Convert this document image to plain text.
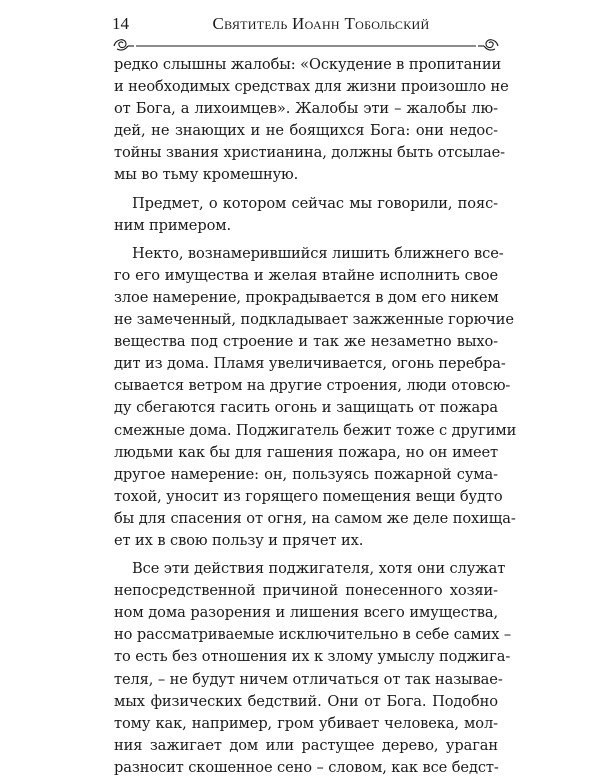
14	Святитель Иоанн Тобольский

редко слышны жалобы: «Оскудение в пропитании
и необходимых средствах для жизни произошло не
от Бога, а лихоимцев». Жалобы эти – жалобы лю-
дей, не знающих и не боящихся Бога: они недос-
тойны звания христианина, должны быть отсылае-
мы во тьму кромешную.

Предмет, о котором сейчас мы говорили, пояс-
ним примером.

Некто, вознамерившийся лишить ближнего все-
го его имущества и желая втайне исполнить свое
злое намерение, прокрадывается в дом его никем
не замеченный, подкладывает зажженные горючие
вещества под строение и так же незаметно выхо-
дит из дома. Пламя увеличивается, огонь перебра-
сывается ветром на другие строения, люди отовсю-
ду сбегаются гасить огонь и защищать от пожара
смежные дома. Поджигатель бежит тоже с другими
людьми как бы для гашения пожара, но он имеет
другое намерение: он, пользуясь пожарной сума-
тохой, уносит из горящего помещения вещи будто
бы для спасения от огня, на самом же деле похищa-
ет их в свою пользу и прячет их.

Все эти действия поджигателя, хотя они служат
непосредственной причиной понесенного хозяи-
ном дома разорения и лишения всего имущества,
но рассматриваемые исключительно в себе самих –
то есть без отношения их к злому умыслу поджига-
теля, – не будут ничем отличаться от так называе-
мых физических бедствий. Они от Бога. Подобно
тому как, например, гром убивает человека, мол-
ния зажигает дом или растущее дерево, ураган
разносит скошенное сено – словом, как все бедст-
